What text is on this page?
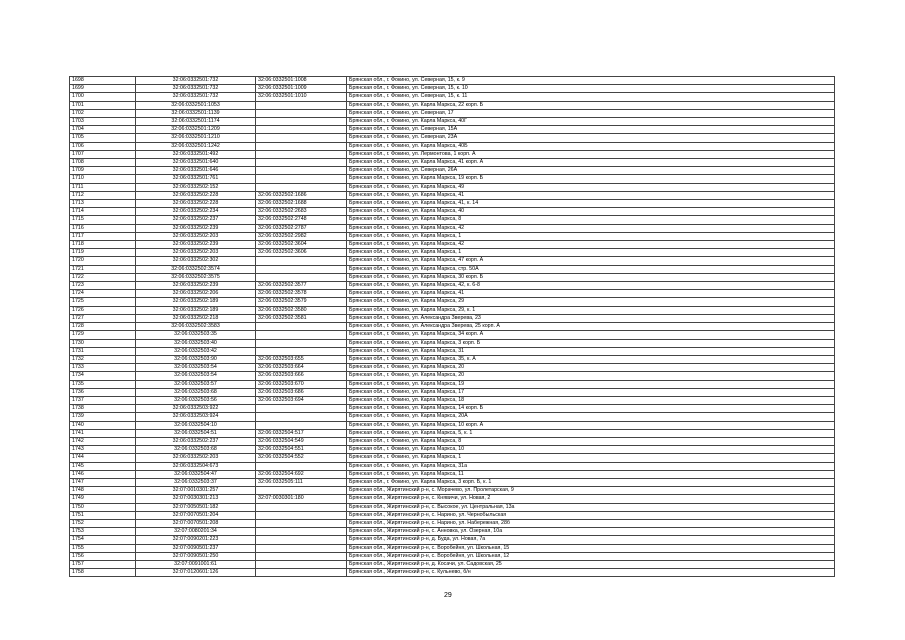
1698	32:06:0332501:732	32:06:0332501:1008	Брянская обл., г. Фокино, ул. Северная, 15, к. 9
1699	32:06:0332501:732	32:06:0332501:1009	Брянская обл., г. Фокино, ул. Северная, 15, к. 10
1700	32:06:0332501:732	32:06:0332501:1010	Брянская обл., г. Фокино, ул. Северная, 15, к. 11
1701	32:06:0332501:1053		Брянская обл., г. Фокино, ул. Карла Маркса, 22 корп. Б
1702	32:06:0332501:1139		Брянская обл., г. Фокино, ул. Северная, 17
1703	32:06:0332501:1174		Брянская обл., г. Фокино, ул. Карла Маркса, 40Г
1704	32:06:0332501:1209		Брянская обл., г. Фокино, ул. Северная, 15А
1705	32:06:0332501:1210		Брянская обл., г. Фокино, ул. Северная, 23А
1706	32:06:0332501:1242		Брянская обл., г. Фокино, ул. Карла Маркса, 40Б
1707	32:06:0332501:492		Брянская обл., г. Фокино, ул. Лермонтова, 1 корп. А
1708	32:06:0332501:640		Брянская обл., г. Фокино, ул. Карла Маркса, 41 корп. А
1709	32:06:0332501:646		Брянская обл., г. Фокино, ул. Северная, 26А
1710	32:06:0332501:761		Брянская обл., г. Фокино, ул. Карла Маркса, 19 корп. Б
1711	32:06:0332502:152		Брянская обл., г. Фокино, ул. Карла Маркса, 49
1712	32:06:0332502:228	32:06:0332502:1686	Брянская обл., г. Фокино, ул. Карла Маркса, 41
1713	32:06:0332502:228	32:06:0332502:1688	Брянская обл., г. Фокино, ул. Карла Маркса, 41, к. 14
1714	32:06:0332502:234	32:06:0332502:2683	Брянская обл., г. Фокино, ул. Карла Маркса, 40
1715	32:06:0332502:237	32:06:0332502:2748	Брянская обл., г. Фокино, ул. Карла Маркса, 8
1716	32:06:0332502:239	32:06:0332502:2787	Брянская обл., г. Фокино, ул. Карла Маркса, 42
1717	32:06:0332502:203	32:06:0332502:2982	Брянская обл., г. Фокино, ул. Карла Маркса, 1
1718	32:06:0332502:239	32:06:0332502:3604	Брянская обл., г. Фокино, ул. Карла Маркса, 42
1719	32:06:0332502:203	32:06:0332502:3606	Брянская обл., г. Фокино, ул. Карла Маркса, 1
1720	32:06:0332502:302		Брянская обл., г. Фокино, ул. Карла Маркса, 47 корп. А
1721	32:06:0332502:3574		Брянская обл., г. Фокино, ул. Карла Маркса, стр. 50А
1722	32:06:0332502:3575		Брянская обл., г. Фокино, ул. Карла Маркса, 30 корп. Б
1723	32:06:0332502:239	32:06:0332502:3577	Брянская обл., г. Фокино, ул. Карла Маркса, 42, к. 6-8
1724	32:06:0332502:206	32:06:0332502:3578	Брянская обл., г. Фокино, ул. Карла Маркса, 41
1725	32:06:0332502:189	32:06:0332502:3579	Брянская обл., г. Фокино, ул. Карла Маркса, 29
1726	32:06:0332502:189	32:06:0332502:3580	Брянская обл., г. Фокино, ул. Карла Маркса, 29, к. 1
1727	32:06:0332502:218	32:06:0332502:3581	Брянская обл., г. Фокино, ул. Александра Зверева, 23
1728	32:06:0332502:3583		Брянская обл., г. Фокино, ул. Александра Зверева, 25 корп. А
1729	32:06:0332503:35		Брянская обл., г. Фокино, ул. Карла Маркса, 34 корп. А
1730	32:06:0332503:40		Брянская обл., г. Фокино, ул. Карла Маркса, 3 корп. Б
1731	32:06:0332503:42		Брянская обл., г. Фокино, ул. Карла Маркса, 31
1732	32:06:0332503:90	32:06:0332503:655	Брянская обл., г. Фокино, ул. Карла Маркса, 35, к. А
1733	32:06:0332503:54	32:06:0332503:664	Брянская обл., г. Фокино, ул. Карла Маркса, 20
1734	32:06:0332503:54	32:06:0332503:666	Брянская обл., г. Фокино, ул. Карла Маркса, 20
1735	32:06:0332503:57	32:06:0332503:670	Брянская обл., г. Фокино, ул. Карла Маркса, 19
1736	32:06:0332503:68	32:06:0332503:686	Брянская обл., г. Фокино, ул. Карла Маркса, 17
1737	32:06:0332503:56	32:06:0332503:694	Брянская обл., г. Фокино, ул. Карла Маркса, 18
1738	32:06:0332503:922		Брянская обл., г. Фокино, ул. Карла Маркса, 14 корп. Б
1739	32:06:0332503:924		Брянская обл., г. Фокино, ул. Карла Маркса, 20А
1740	32:06:0332504:10		Брянская обл., г. Фокино, ул. Карла Маркса, 10 корп. А
1741	32:06:0332504:51	32:06:0332504:517	Брянская обл., г. Фокино, ул. Карла Маркса, 5, к. 1
1742	32:06:0332502:237	32:06:0332504:549	Брянская обл., г. Фокино, ул. Карла Маркса, 8
1743	32:06:0332503:68	32:06:0332504:551	Брянская обл., г. Фокино, ул. Карла Маркса, 10
1744	32:06:0332502:203	32:06:0332504:552	Брянская обл., г. Фокино, ул. Карла Маркса, 1
1745	32:06:0332504:673		Брянская обл., г. Фокино, ул. Карла Маркса, 31а
1746	32:06:0332504:47	32:06:0332504:692	Брянская обл., г. Фокино, ул. Карла Маркса, 11
1747	32:06:0332503:37	32:06:0332505:111	Брянская обл., г. Фокино, ул. Карла Маркса, 3 корп. Б, к. 1
1748	32:07:0010301:257		Брянская обл., Жирятинский р-н, с. Морачево, ул. Пролетарская, 9
1749	32:07:0030301:213	32:07:0030301:180	Брянская обл., Жирятинский р-н, с. Княвичи, ул. Новая, 2
1750	32:07:0050501:182		Брянская обл., Жирятинский р-н, с. Высокое, ул. Центральная, 13а
1751	32:07:0070501:204		Брянская обл., Жирятинский р-н, с. Нарино, ул. Чернобыльская
1752	32:07:0070501:208		Брянская обл., Жирятинский р-н, с. Нарино, ул. Набережная, 28б
1753	32:07:0080201:34		Брянская обл., Жирятинский р-н, с. Анновка, ул. Озерная, 10а
1754	32:07:0090201:223		Брянская обл., Жирятинский р-н, д. Буда, ул. Новая, 7а
1755	32:07:0090501:237		Брянская обл., Жирятинский р-н, с. Воробейня, ул. Школьная, 15
1756	32:07:0090501:250		Брянская обл., Жирятинский р-н, с. Воробейня, ул. Школьная, 12
1757	32:07:0091001:61		Брянская обл., Жирятинский р-н, д. Косачи, ул. Садовская, 25
1758	32:07:0120601:126		Брянская обл., Жирятинский р-н, с. Кульнево, б/н
29
